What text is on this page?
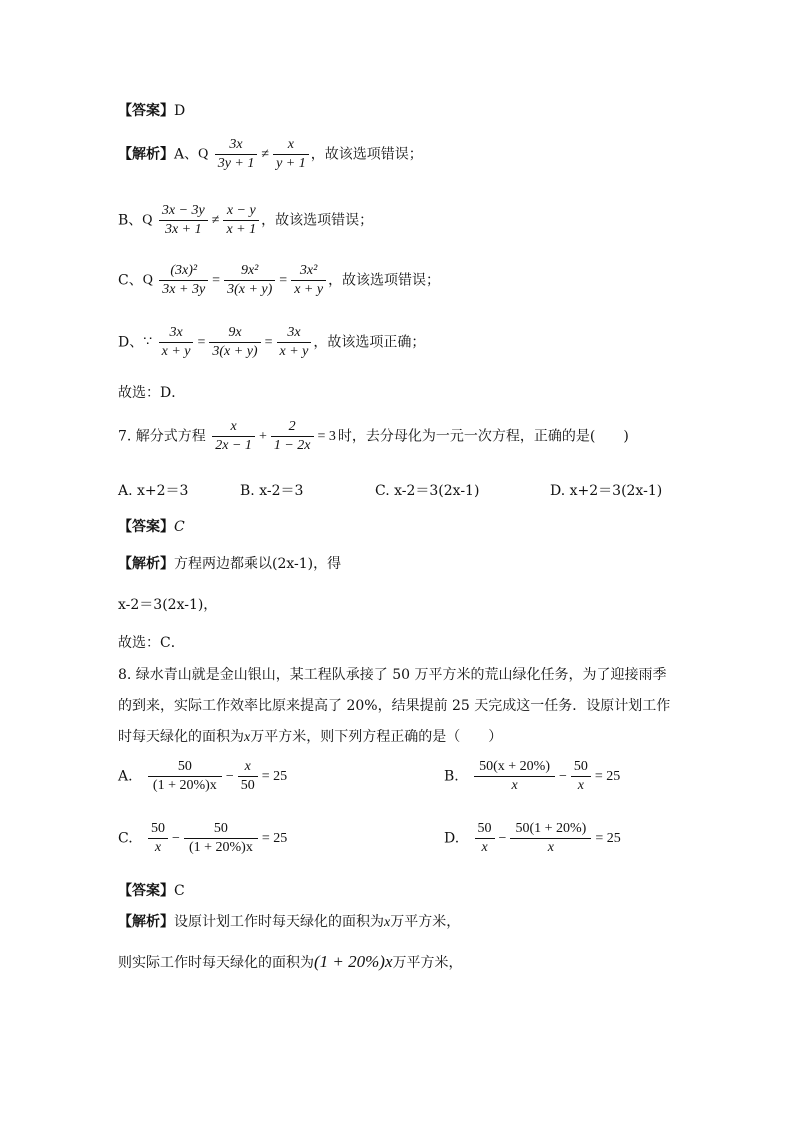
【答案】D
【解析】A、Q $\frac{3x}{3y + 1} \ne \frac{x}{y + 1}$ ，故该选项错误；
B、Q $\frac{3x - 3y}{3x + 1} \ne \frac{x - y}{x + 1}$ ，故该选项错误；
C、Q $\frac{\text{(3x)²}}{3x + 3y} = \frac{\text{9x²}}{3(x + y)} = \frac{\text{3x²}}{x + y}$ ，故该选项错误；
D、∵ $\frac{3x}{x + y} = \frac{9x}{3(x + y)} = \frac{3x}{x + y}$ ，故该选项正确；
故选：D．
7. 解分式方程 $\frac{x}{2x - 1} + \frac{2}{1 - 2x} = 3$ 时，去分母化为一元一次方程，正确的是(　　)
A. x+2＝3	B. x-2＝3	C. x-2＝3(2x-1)	D. x+2＝3(2x-1)
【答案】C
【解析】方程两边都乘以(2x-1)，得
x-2＝3(2x-1)，
故选：C．
8. 绿水青山就是金山银山，某工程队承接了 50 万平方米的荒山绿化任务，为了迎接雨季
的到来，实际工作效率比原来提高了 20%，结果提前 25 天完成这一任务．设原计划工作
时每天绿化的面积为x万平方米，则下列方程正确的是（　　）
A. $\frac{50}{(1 + 20\%)x} - \frac{x}{50} = 25$	B. $\frac{50(x + 20\%)}{x} - \frac{50}{x} = 25$
C. $\frac{50}{x} - \frac{50}{(1 + 20\%)x} = 25$	D. $\frac{50}{x} - \frac{50(1 + 20\%)}{x} = 25$
【答案】C
【解析】设原计划工作时每天绿化的面积为x万平方米，
则实际工作时每天绿化的面积为(1 + 20%)x万平方米，
